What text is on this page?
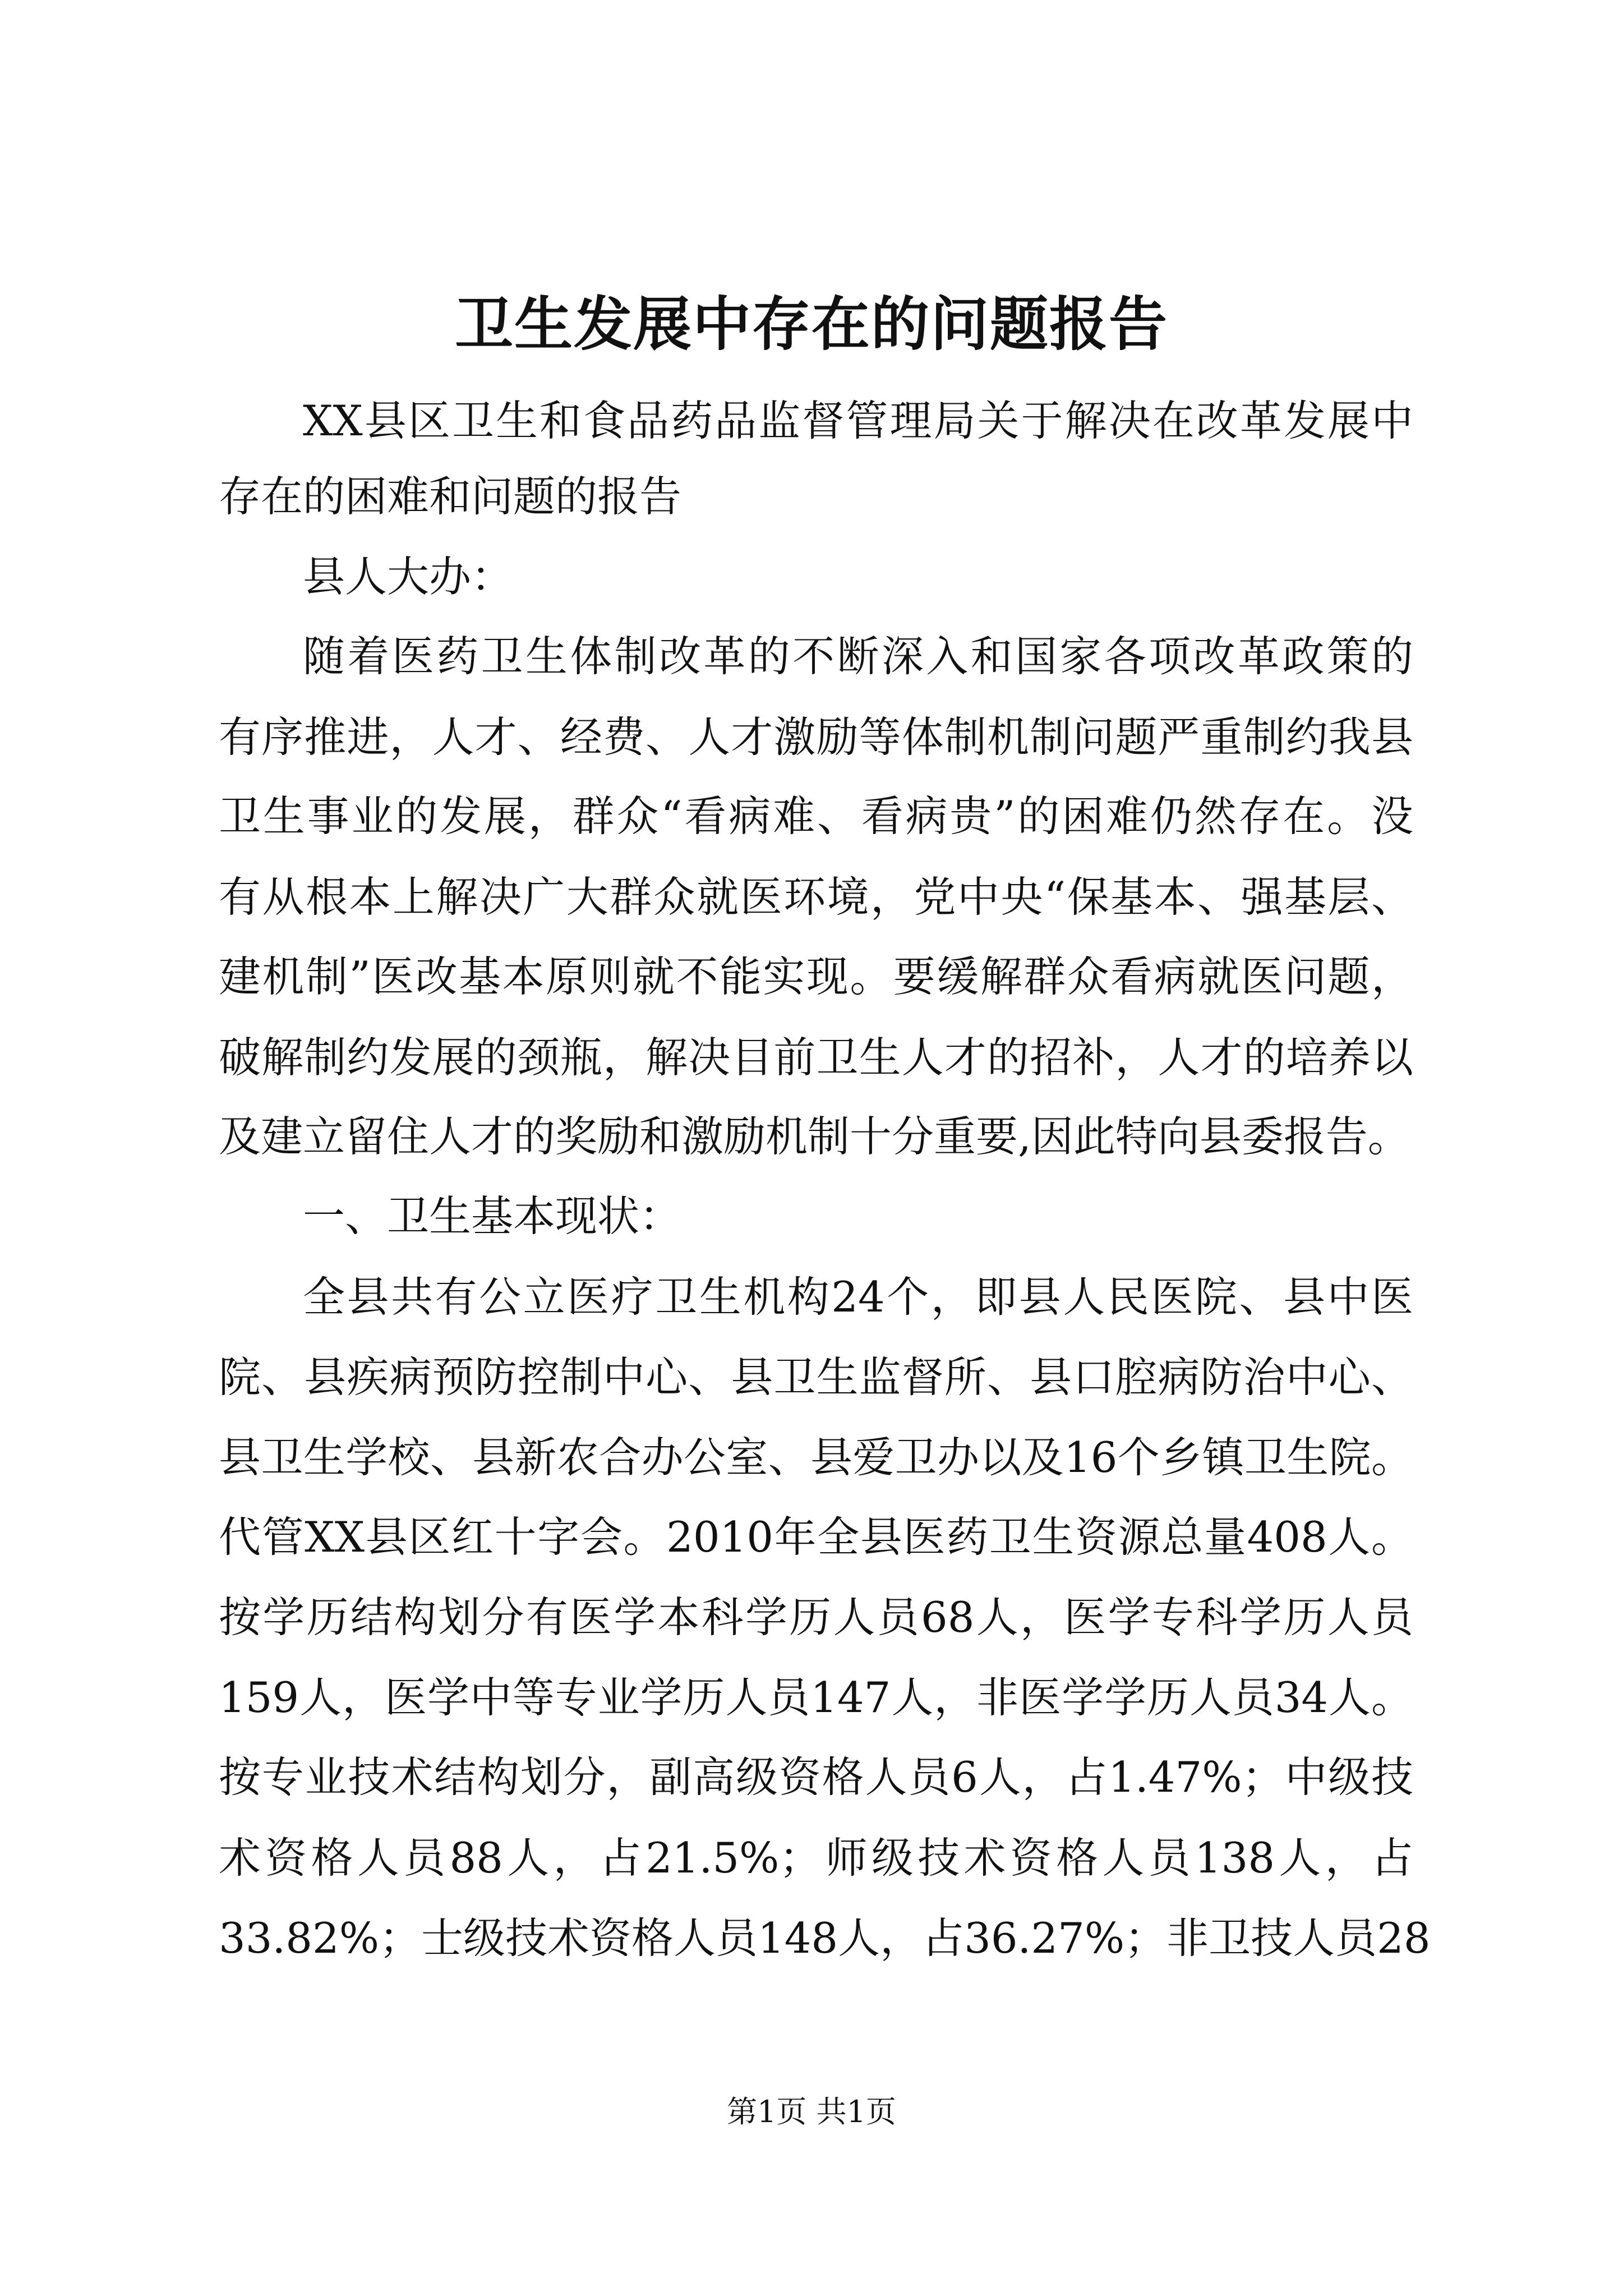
卫生发展中存在的问题报告
XX县区卫生和食品药品监督管理局关于解决在改革发展中
存在的困难和问题的报告
县人大办：
随着医药卫生体制改革的不断深入和国家各项改革政策的
有序推进，人才、经费、人才激励等体制机制问题严重制约我县
卫生事业的发展，群众“看病难、看病贵”的困难仍然存在。没
有从根本上解决广大群众就医环境，党中央“保基本、强基层、
建机制”医改基本原则就不能实现。要缓解群众看病就医问题，
破解制约发展的颈瓶，解决目前卫生人才的招补，人才的培养以
及建立留住人才的奖励和激励机制十分重要,因此特向县委报告。
一、卫生基本现状：
全县共有公立医疗卫生机构24个，即县人民医院、县中医
院、县疾病预防控制中心、县卫生监督所、县口腔病防治中心、
县卫生学校、县新农合办公室、县爱卫办以及16个乡镇卫生院。
代管XX县区红十字会。2010年全县医药卫生资源总量408人。
按学历结构划分有医学本科学历人员68人，医学专科学历人员
159人，医学中等专业学历人员147人，非医学学历人员34人。
按专业技术结构划分，副高级资格人员6人，占1.47%；中级技
术资格人员88人，占21.5%；师级技术资格人员138人，占
33.82%；士级技术资格人员148人，占36.27%；非卫技人员28
第1页 共1页
